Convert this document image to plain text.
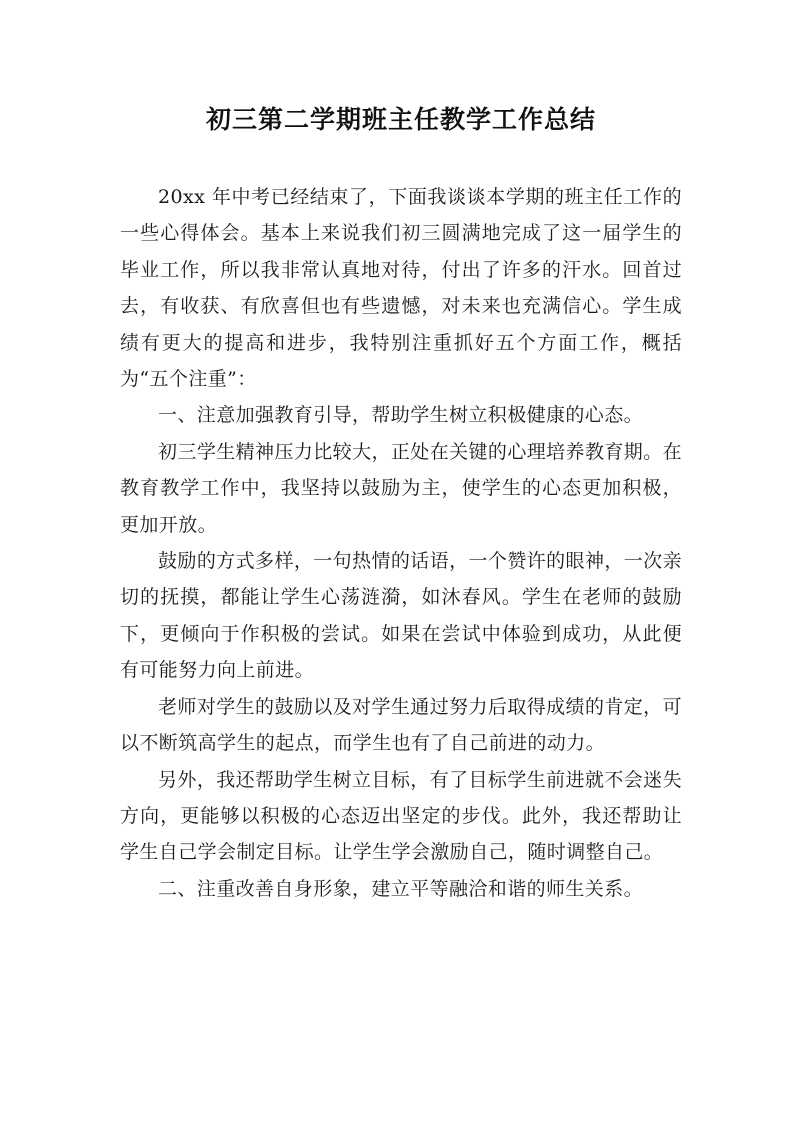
初三第二学期班主任教学工作总结

20xx 年中考已经结束了，下面我谈谈本学期的班主任工作的一些心得体会。基本上来说我们初三圆满地完成了这一届学生的毕业工作，所以我非常认真地对待，付出了许多的汗水。回首过去，有收获、有欣喜但也有些遗憾，对未来也充满信心。学生成绩有更大的提高和进步，我特别注重抓好五个方面工作，概括为“五个注重”：

一、注意加强教育引导，帮助学生树立积极健康的心态。

初三学生精神压力比较大，正处在关键的心理培养教育期。在教育教学工作中，我坚持以鼓励为主，使学生的心态更加积极，更加开放。

鼓励的方式多样，一句热情的话语，一个赞许的眼神，一次亲切的抚摸，都能让学生心荡涟漪，如沐春风。学生在老师的鼓励下，更倾向于作积极的尝试。如果在尝试中体验到成功，从此便有可能努力向上前进。

老师对学生的鼓励以及对学生通过努力后取得成绩的肯定，可以不断筑高学生的起点，而学生也有了自己前进的动力。

另外，我还帮助学生树立目标，有了目标学生前进就不会迷失方向，更能够以积极的心态迈出坚定的步伐。此外，我还帮助让学生自己学会制定目标。让学生学会激励自己，随时调整自己。

二、注重改善自身形象，建立平等融洽和谐的师生关系。
